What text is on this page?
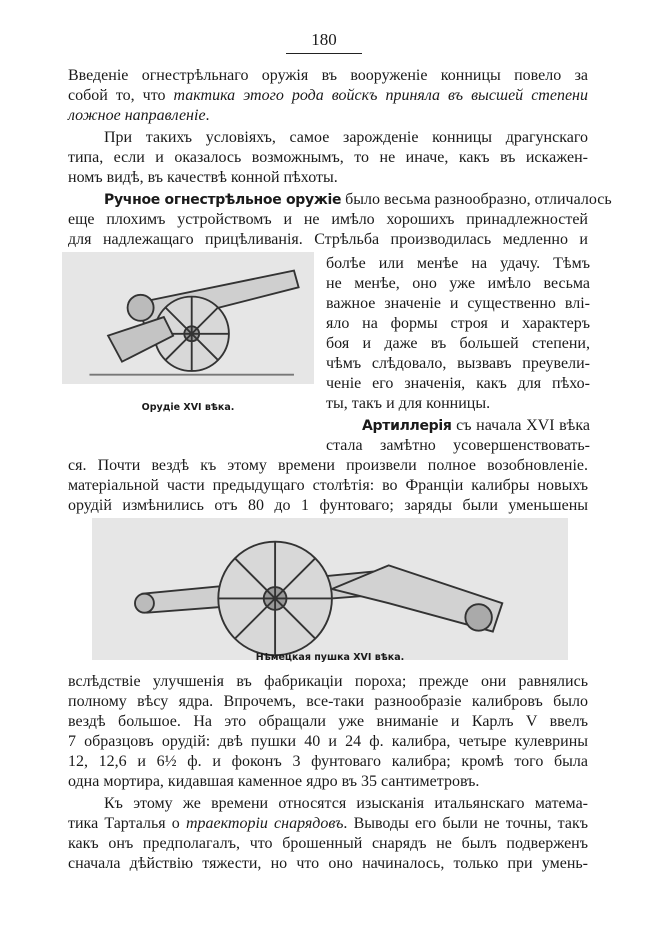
180
Введеніе огнестрѣльнаго оружія въ вооруженіе конницы повело за
собой то, что тактика этого рода войскъ приняла въ высшей степени
ложное направленіе.
При такихъ условіяхъ, самое зарожденіе конницы драгунскаго
типа, если и оказалось возможнымъ, то не иначе, какъ въ искажен-
номъ видѣ, въ качествѣ конной пѣхоты.
Ручное огнестрѣльное оружіе было весьма разнообразно, отличалось
еще плохимъ устройствомъ и не имѣло хорошихъ принадлежностей
для надлежащаго прицѣливанія. Стрѣльба производилась медленно и
болѣе или менѣе на удачу. Тѣмъ
не менѣе, оно уже имѣло весьма
важное значеніе и существенно влі-
яло на формы строя и характеръ
боя и даже въ большей степени,
чѣмъ слѣдовало, вызвавъ преувели-
ченіе его значенія, какъ для пѣхо-
ты, такъ и для конницы.
Артиллерія съ начала XVI вѣка
стала замѣтно усовершенствовать-
ся. Почти вездѣ къ этому времени произвели полное возобновленіе.
матеріальной части предыдущаго столѣтія: во Франціи калибры новыхъ
орудій измѣнились отъ 80 до 1 фунтоваго; заряды были уменьшены
вслѣдствіе улучшенія въ фабрикаціи пороха; прежде они равнялись
полному вѣсу ядра. Впрочемъ, все-таки разнообразіе калибровъ было
вездѣ большое. На это обращали уже вниманіе и Карлъ V ввелъ
7 образцовъ орудій: двѣ пушки 40 и 24 ф. калибра, четыре кулеврины
12, 12,6 и 6½ ф. и фоконъ 3 фунтоваго калибра; кромѣ того была
одна мортира, кидавшая каменное ядро въ 35 сантиметровъ.
Къ этому же времени относятся изысканія итальянскаго матема-
тика Тарталья о траекторіи снарядовъ. Выводы его были не точны, такъ
какъ онъ предполагалъ, что брошенный снарядъ не былъ подверженъ
сначала дѣйствію тяжести, но что оно начиналось, только при умень-
Орудіе XVI вѣка.
Нѣмецкая пушка XVI вѣка.
